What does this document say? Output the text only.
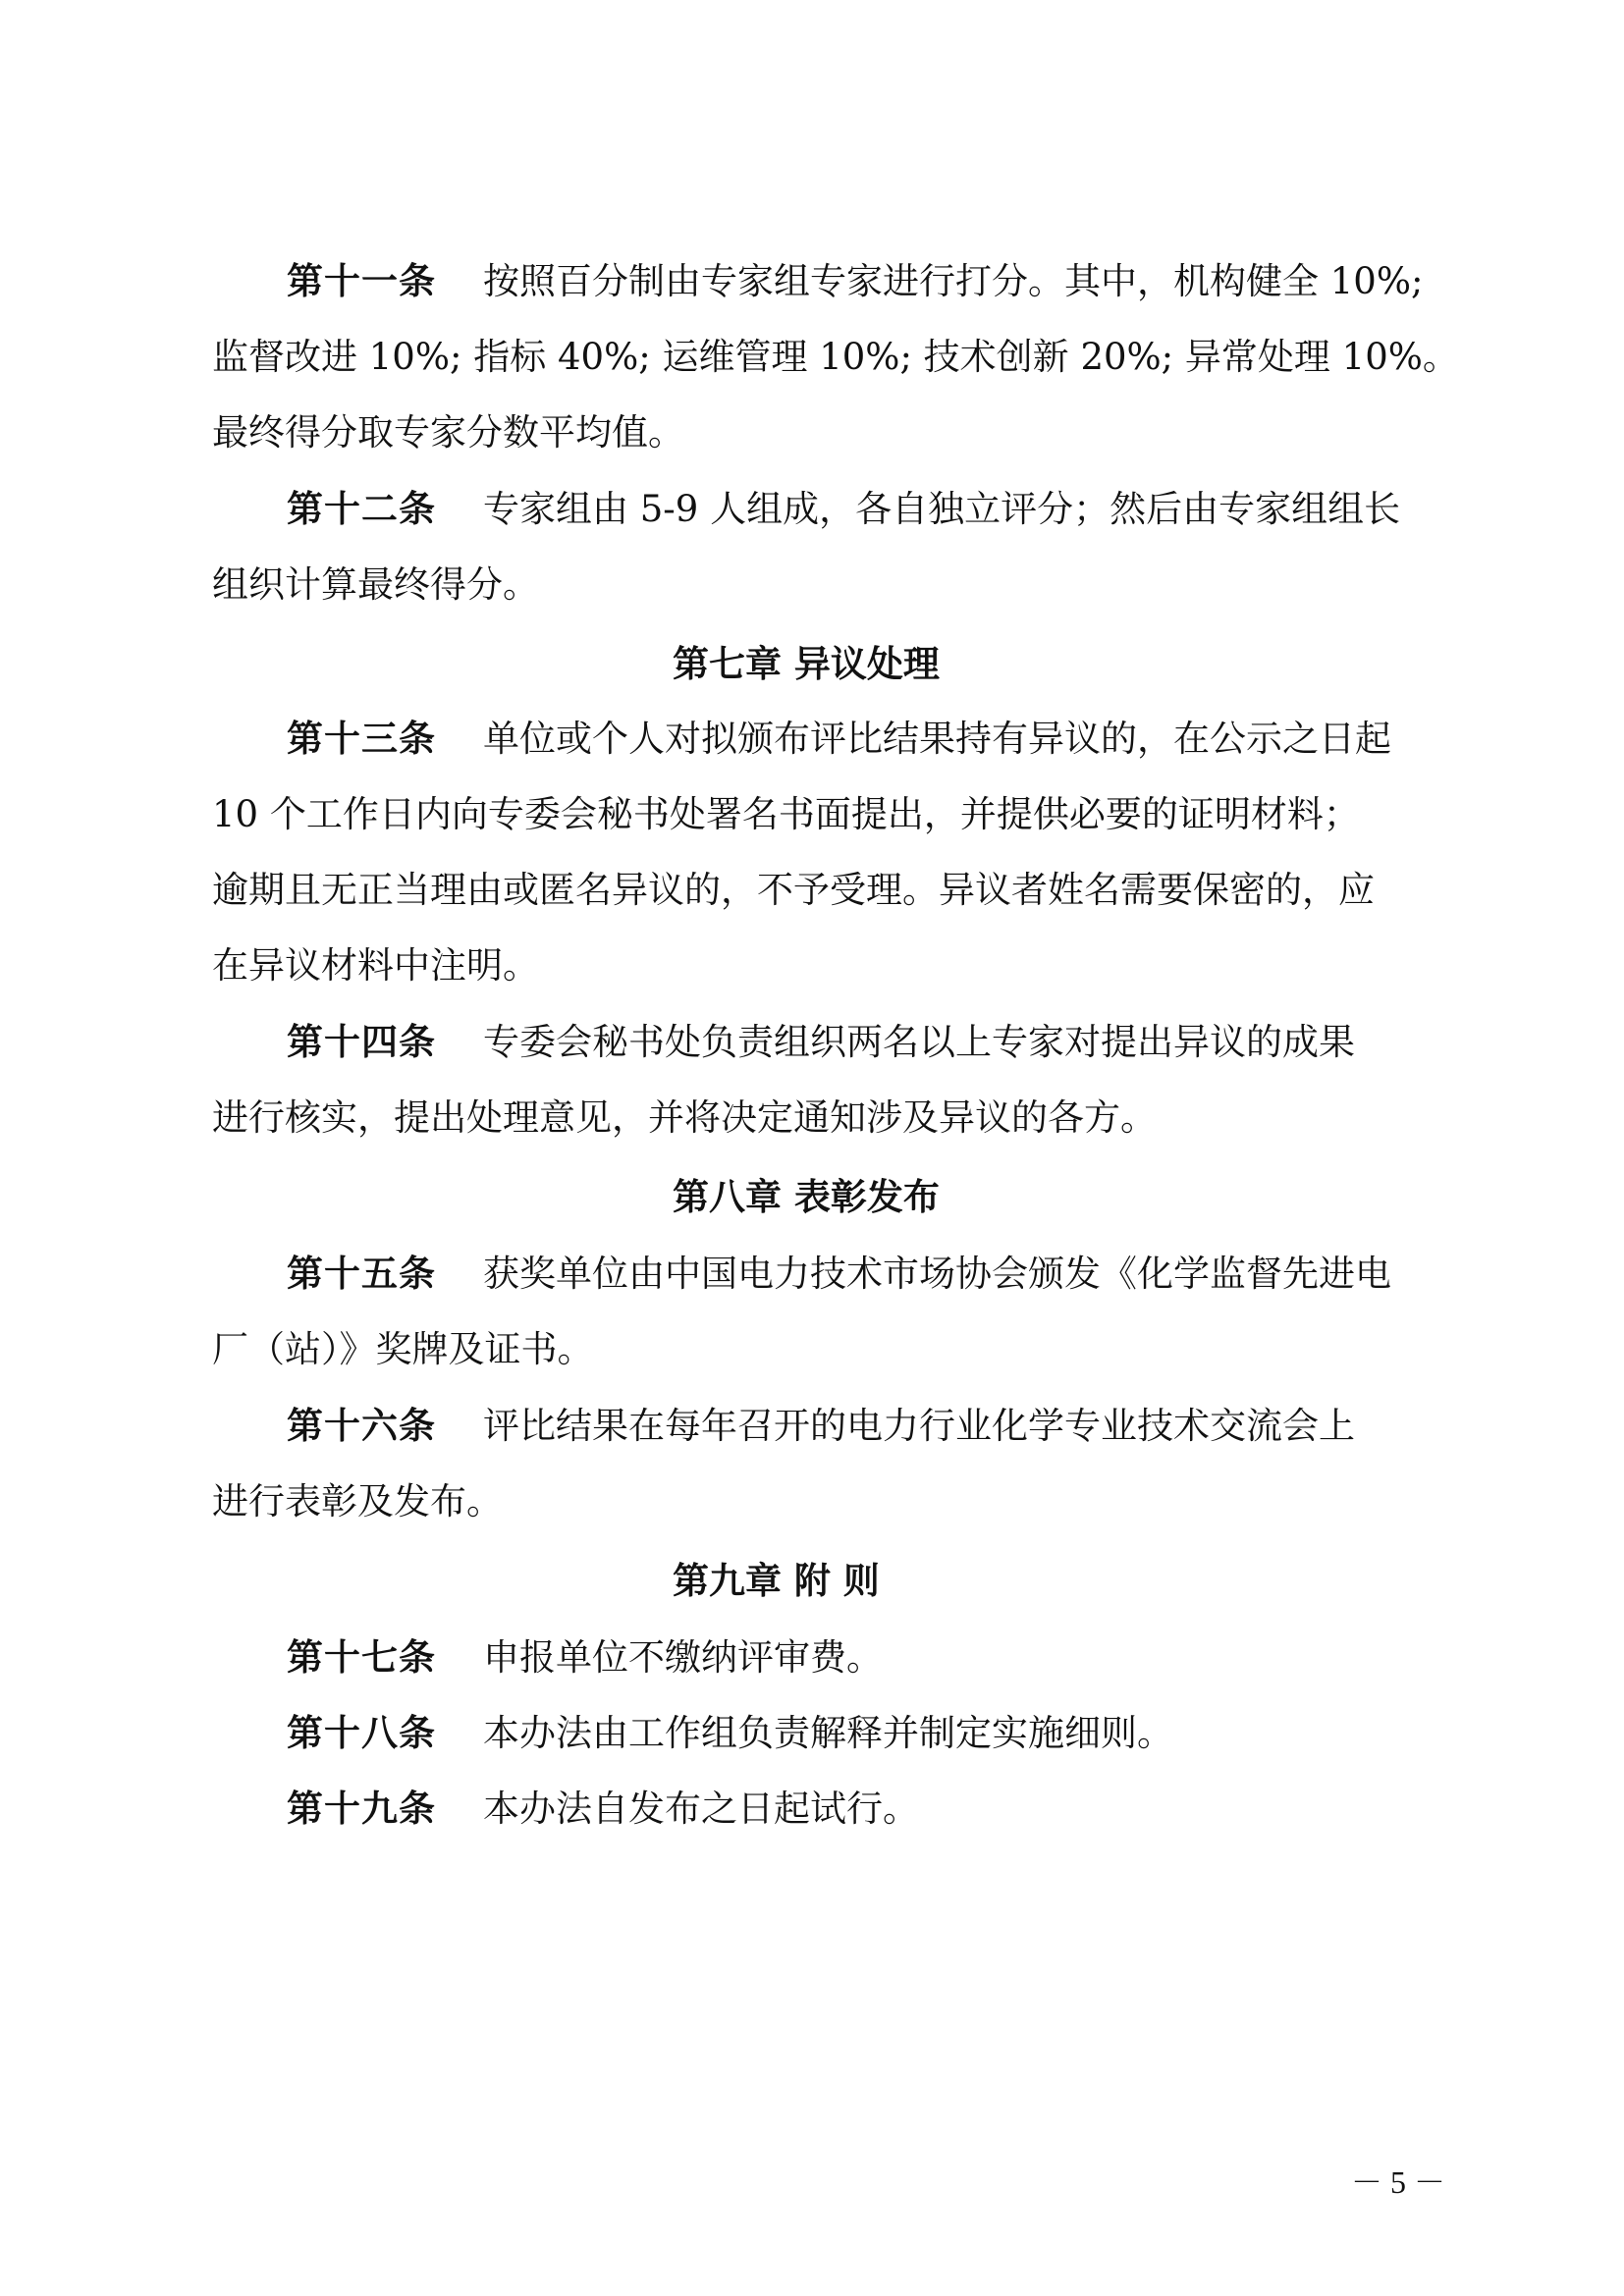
第十一条 按照百分制由专家组专家进行打分。其中，机构健全 10%;
监督改进 10%; 指标 40%; 运维管理 10%; 技术创新 20%; 异常处理 10%。
最终得分取专家分数平均值。
第十二条 专家组由 5-9 人组成，各自独立评分；然后由专家组组长
组织计算最终得分。
第七章 异议处理
第十三条 单位或个人对拟颁布评比结果持有异议的，在公示之日起
10 个工作日内向专委会秘书处署名书面提出，并提供必要的证明材料；
逾期且无正当理由或匿名异议的，不予受理。异议者姓名需要保密的，应
在异议材料中注明。
第十四条 专委会秘书处负责组织两名以上专家对提出异议的成果
进行核实，提出处理意见，并将决定通知涉及异议的各方。
第八章 表彰发布
第十五条 获奖单位由中国电力技术市场协会颁发《化学监督先进电
厂（站）》奖牌及证书。
第十六条 评比结果在每年召开的电力行业化学专业技术交流会上
进行表彰及发布。
第九章 附 则
第十七条 申报单位不缴纳评审费。
第十八条 本办法由工作组负责解释并制定实施细则。
第十九条 本办法自发布之日起试行。
－ 5 －
